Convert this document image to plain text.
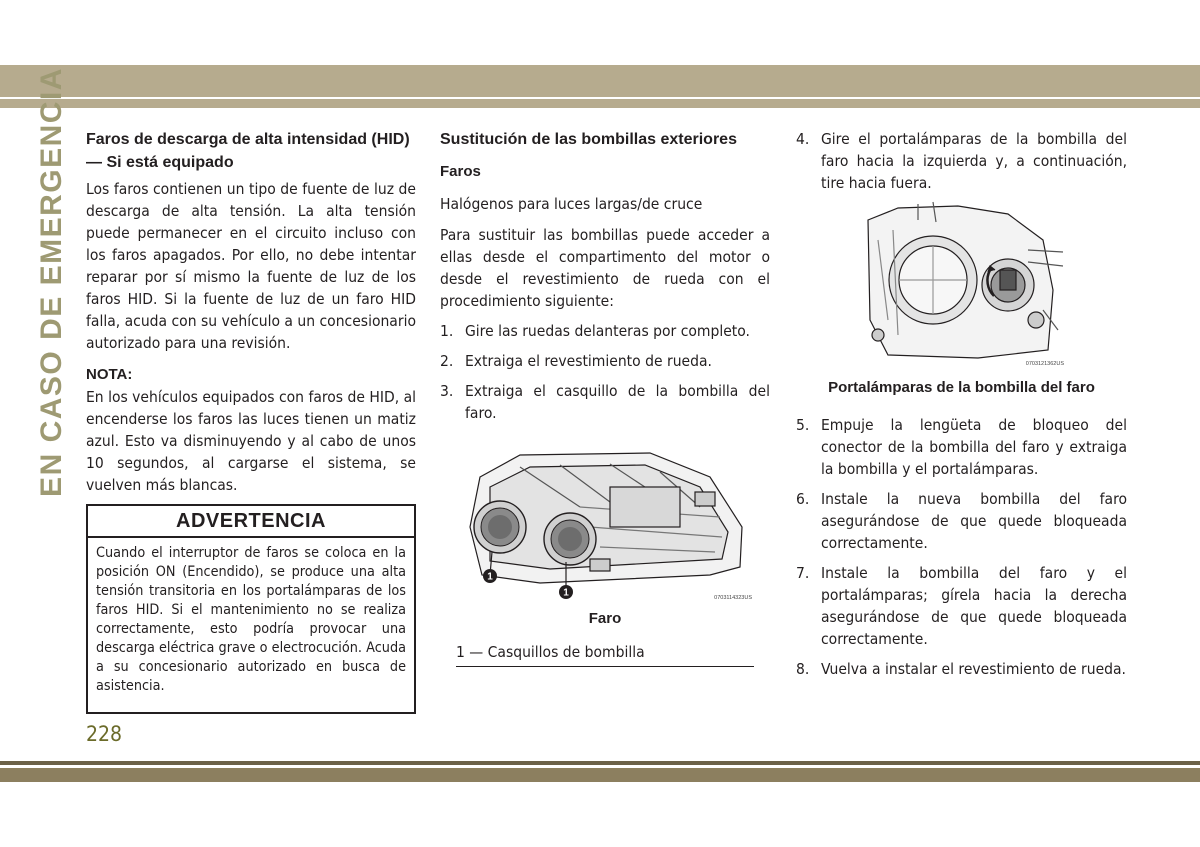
EN CASO DE EMERGENCIA
228
Faros de descarga de alta intensidad (HID) — Si está equipado

Los faros contienen un tipo de fuente de luz de descarga de alta tensión. La alta tensión puede permanecer en el circuito incluso con los faros apagados. Por ello, no debe intentar reparar por sí mismo la fuente de luz de los faros HID. Si la fuente de luz de un faro HID falla, acuda con su vehículo a un concesionario autorizado para una revisión.

NOTA:

En los vehículos equipados con faros de HID, al encenderse los faros las luces tienen un matiz azul. Esto va disminuyendo y al cabo de unos 10 segundos, al cargarse el sistema, se vuelven más blancas.

ADVERTENCIA
Cuando el interruptor de faros se coloca en la posición ON (Encendido), se produce una alta tensión transitoria en los portalámparas de los faros HID. Si el mantenimiento no se realiza correctamente, esto podría provocar una descarga eléctrica grave o electrocución. Acuda a su concesionario autorizado en busca de asistencia.
Sustitución de las bombillas exteriores
Faros

Halógenos para luces largas/de cruce

Para sustituir las bombillas puede acceder a ellas desde el compartimento del motor o desde el revestimiento de rueda con el procedimiento siguiente:

1. Gire las ruedas delanteras por completo.
2. Extraiga el revestimiento de rueda.
3. Extraiga el casquillo de la bombilla del faro.
1
1	0703114323US
Faro
1 — Casquillos de bombilla
4. Gire el portalámparas de la bombilla del faro hacia la izquierda y, a continuación, tire hacia fuera.
0703121362US
Portalámparas de la bombilla del faro
5. Empuje la lengüeta de bloqueo del conector de la bombilla del faro y extraiga la bombilla y el portalámparas.
6. Instale la nueva bombilla del faro asegurándose de que quede bloqueada correctamente.
7. Instale la bombilla del faro y el portalámparas; gírela hacia la derecha asegurándose de que quede bloqueada correctamente.
8. Vuelva a instalar el revestimiento de rueda.
